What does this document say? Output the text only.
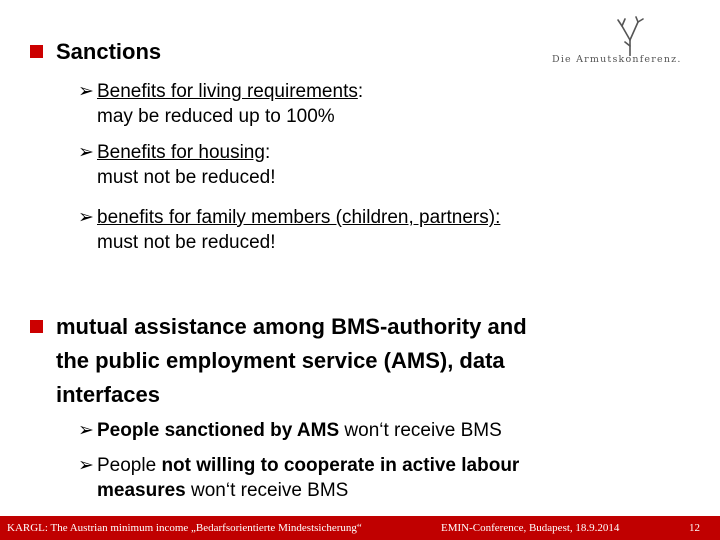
Die Armutskonferenz.
Sanctions
➢ Benefits for living requirements:
may be reduced up to 100%
➢ Benefits for housing:
must not be reduced!
➢ benefits for family members (children, partners):
must not be reduced!
mutual assistance among BMS-authority and
the public employment service (AMS), data
interfaces
➢ People sanctioned by AMS won‘t receive BMS
➢ People not willing to cooperate in active labour
measures won‘t receive BMS
KARGL: The Austrian minimum income „Bedarfsorientierte Mindestsicherung“	EMIN-Conference, Budapest, 18.9.2014	12
